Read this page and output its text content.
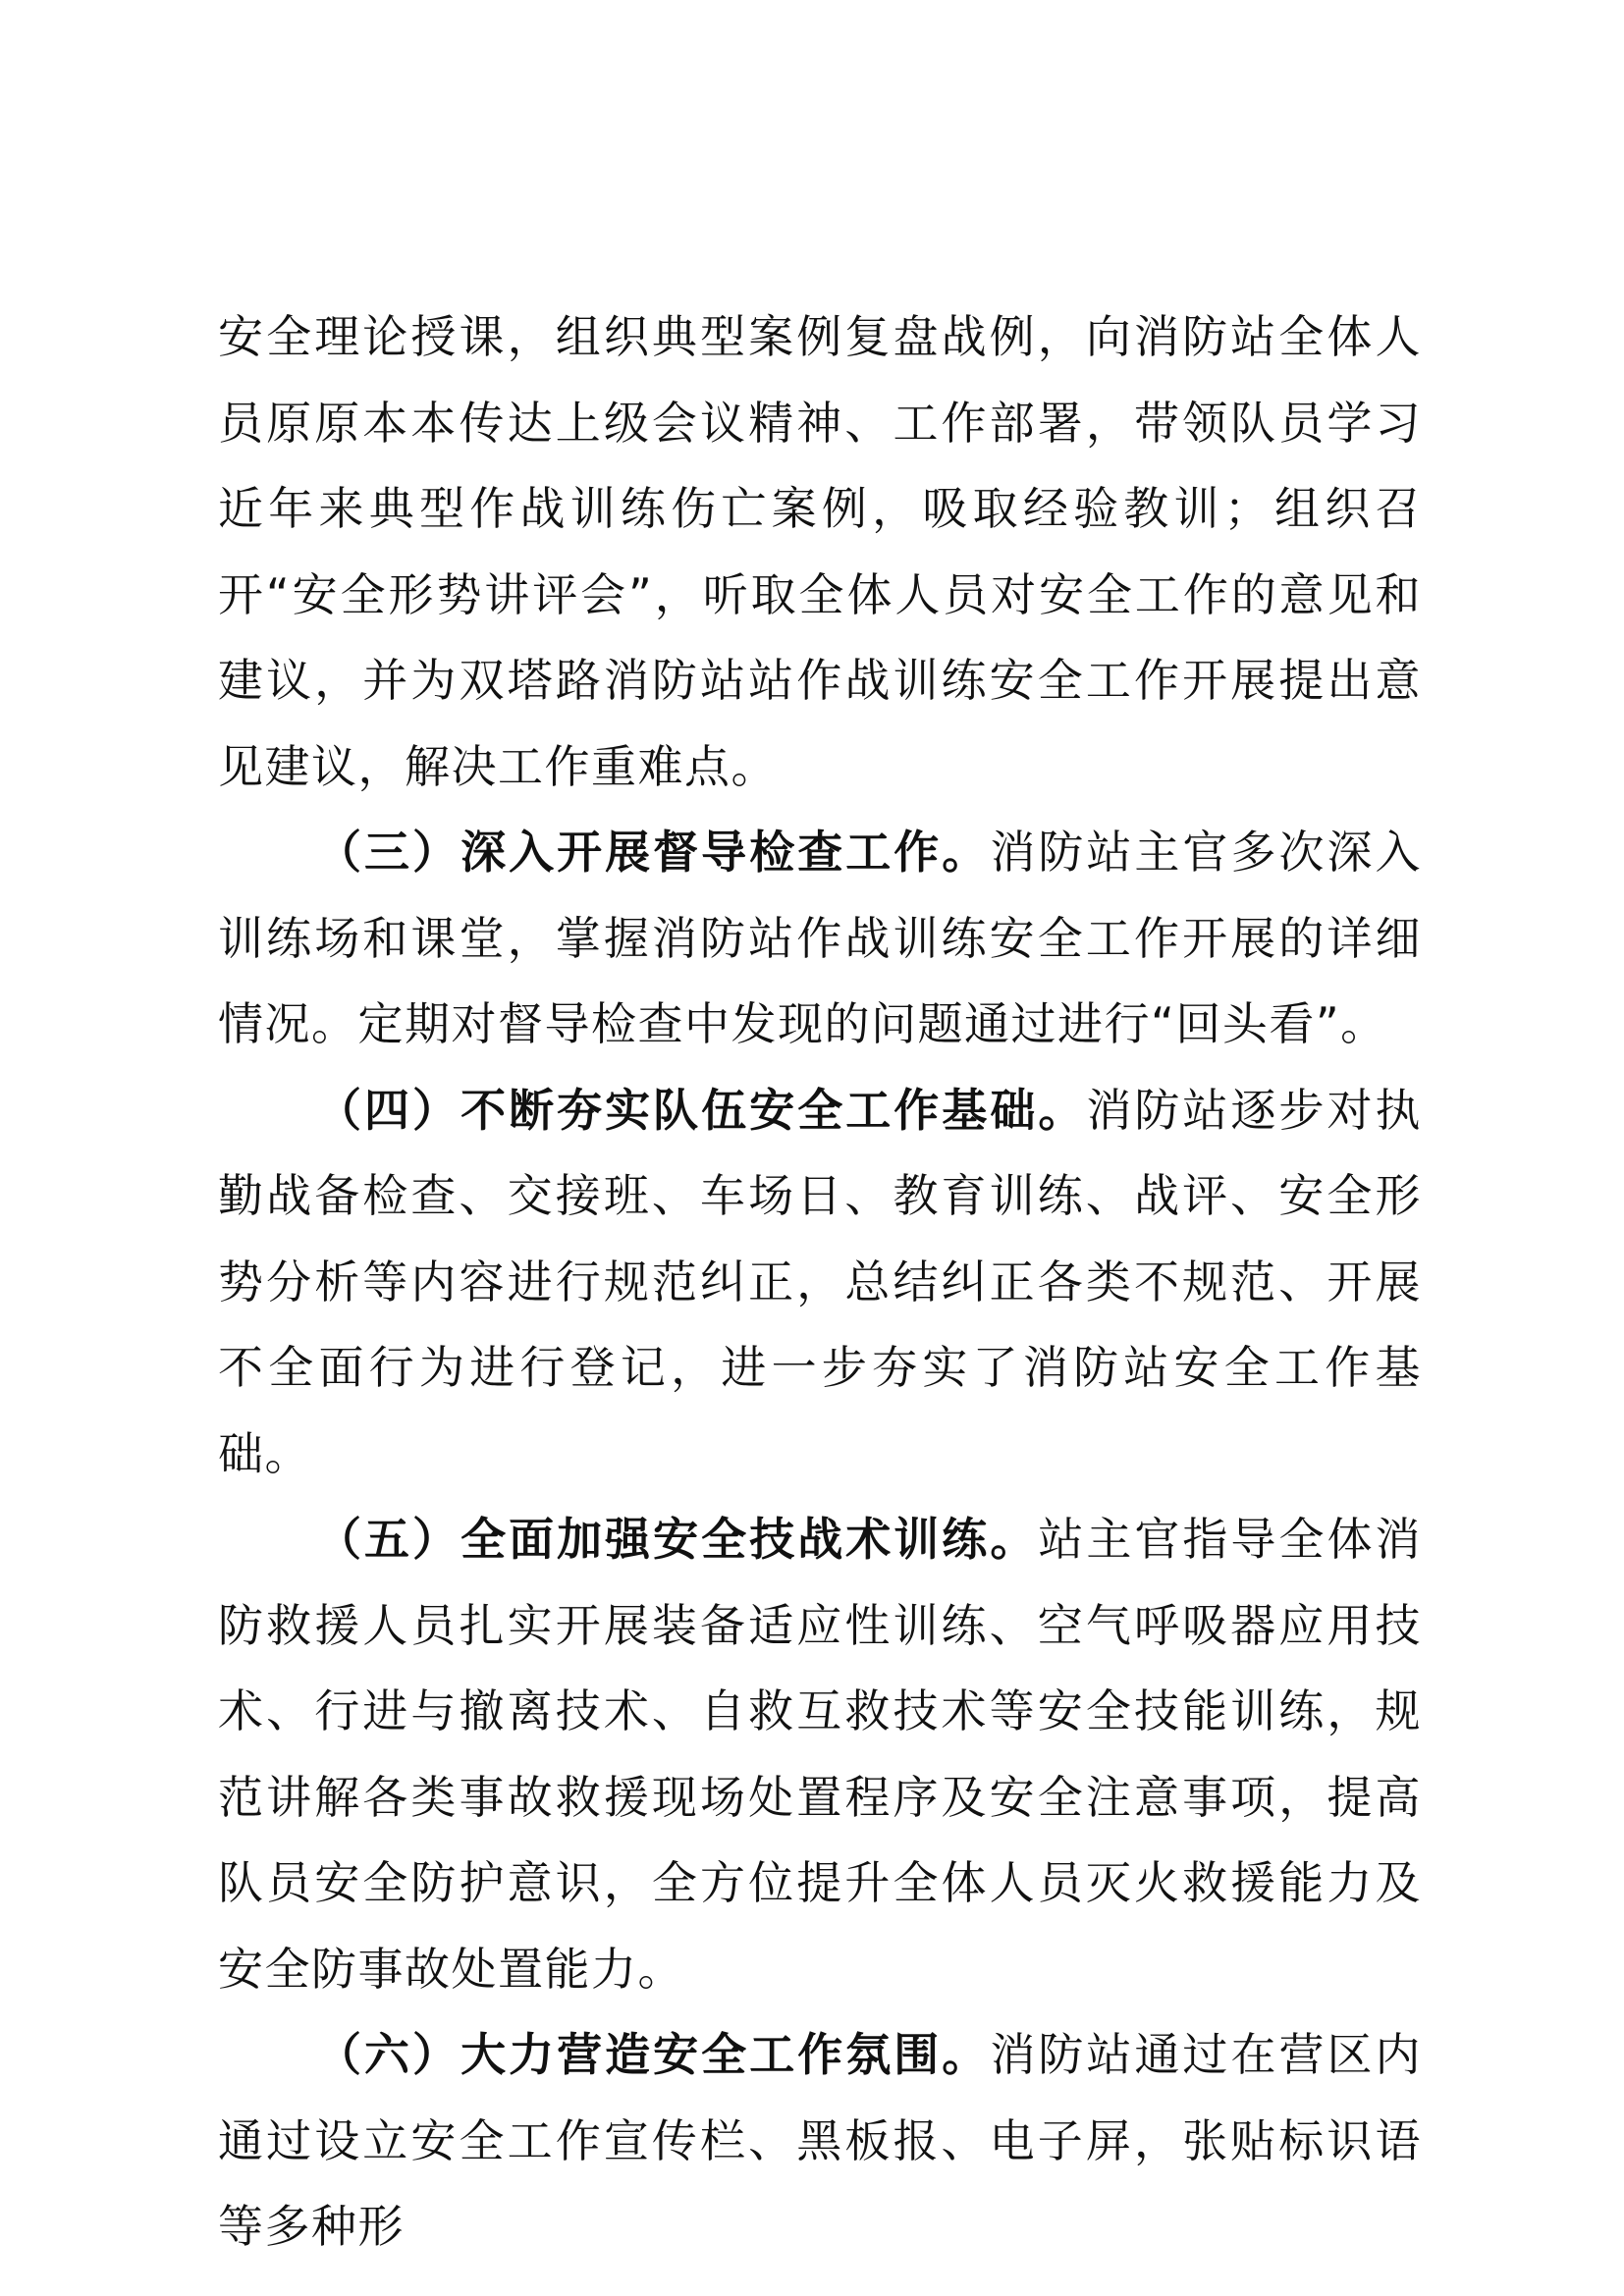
安全理论授课，组织典型案例复盘战例，向消防站全体人员原原本本传达上级会议精神、工作部署，带领队员学习近年来典型作战训练伤亡案例，吸取经验教训；组织召开“安全形势讲评会”，听取全体人员对安全工作的意见和建议，并为双塔路消防站站作战训练安全工作开展提出意见建议，解决工作重难点。

（三）深入开展督导检查工作。消防站主官多次深入训练场和课堂，掌握消防站作战训练安全工作开展的详细情况。定期对督导检查中发现的问题通过进行“回头看”。

（四）不断夯实队伍安全工作基础。消防站逐步对执勤战备检查、交接班、车场日、教育训练、战评、安全形势分析等内容进行规范纠正，总结纠正各类不规范、开展不全面行为进行登记，进一步夯实了消防站安全工作基础。

（五）全面加强安全技战术训练。站主官指导全体消防救援人员扎实开展装备适应性训练、空气呼吸器应用技术、行进与撤离技术、自救互救技术等安全技能训练，规范讲解各类事故救援现场处置程序及安全注意事项，提高队员安全防护意识，全方位提升全体人员灭火救援能力及安全防事故处置能力。

（六）大力营造安全工作氛围。消防站通过在营区内通过设立安全工作宣传栏、黑板报、电子屏，张贴标识语等多种形
